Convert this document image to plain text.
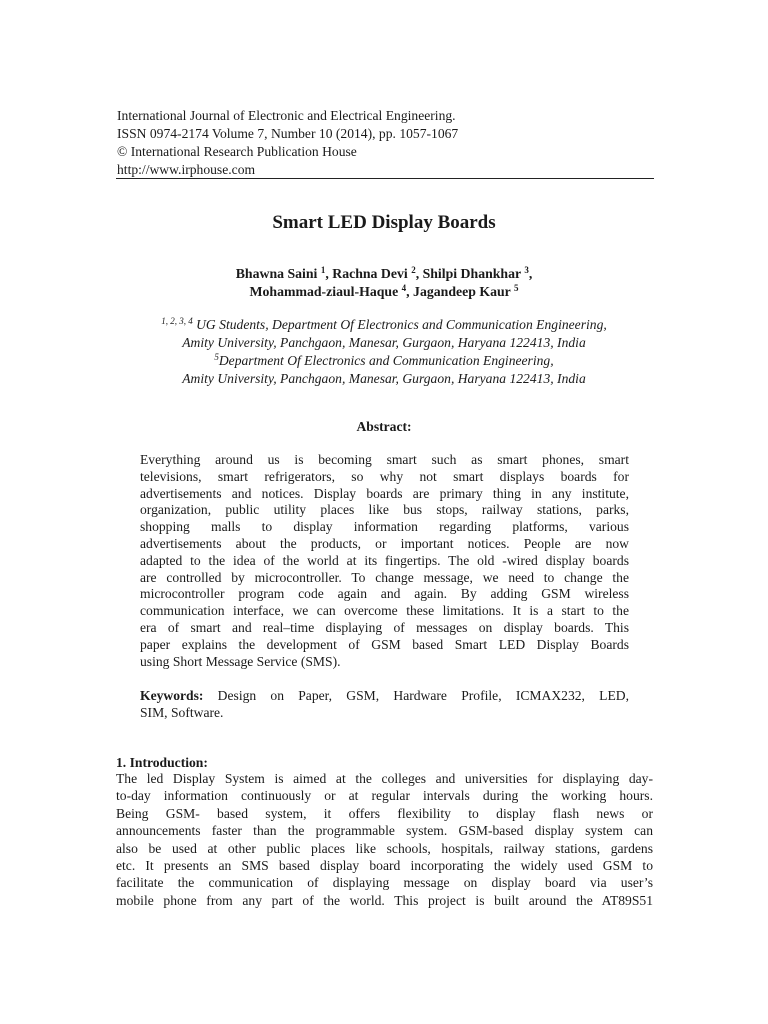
International Journal of Electronic and Electrical Engineering.
ISSN 0974-2174 Volume 7, Number 10 (2014), pp. 1057-1067
© International Research Publication House
http://www.irphouse.com
Smart LED Display Boards
Bhawna Saini $^1$, Rachna Devi $^2$, Shilpi Dhankhar $^3$,
Mohammad-ziaul-Haque $^4$, Jagandeep Kaur $^5$
$^{1, 2, 3, 4}$ UG Students, Department Of Electronics and Communication Engineering,
Amity University, Panchgaon, Manesar, Gurgaon, Haryana 122413, India
$^5$Department Of Electronics and Communication Engineering,
Amity University, Panchgaon, Manesar, Gurgaon, Haryana 122413, India
Abstract:
Everything around us is becoming smart such as smart phones, smart
televisions, smart refrigerators, so why not smart displays boards for
advertisements and notices. Display boards are primary thing in any institute,
organization, public utility places like bus stops, railway stations, parks,
shopping malls to display information regarding platforms, various
advertisements about the products, or important notices. People are now
adapted to the idea of the world at its fingertips. The old -wired display boards
are controlled by microcontroller. To change message, we need to change the
microcontroller program code again and again. By adding GSM wireless
communication interface, we can overcome these limitations. It is a start to the
era of smart and real–time displaying of messages on display boards. This
paper explains the development of GSM based Smart LED Display Boards
using Short Message Service (SMS).
Keywords: Design on Paper, GSM, Hardware Profile, ICMAX232, LED,
SIM, Software.
1. Introduction:
The led Display System is aimed at the colleges and universities for displaying day-
to-day information continuously or at regular intervals during the working hours.
Being GSM- based system, it offers flexibility to display flash news or
announcements faster than the programmable system. GSM-based display system can
also be used at other public places like schools, hospitals, railway stations, gardens
etc. It presents an SMS based display board incorporating the widely used GSM to
facilitate the communication of displaying message on display board via user’s
mobile phone from any part of the world. This project is built around the AT89S51
